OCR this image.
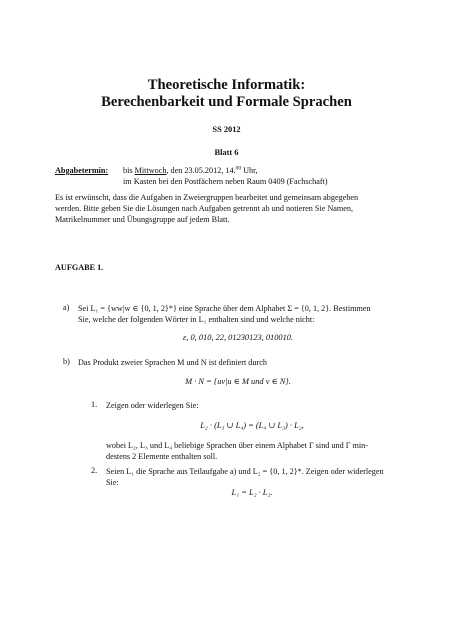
Theoretische Informatik:
Berechenbarkeit und Formale Sprachen
SS 2012
Blatt 6
Abgabetermin: bis Mittwoch, den 23.05.2012, 14.00 Uhr,
im Kasten bei den Postfächern neben Raum 0409 (Fachschaft)
Es ist erwünscht, dass die Aufgaben in Zweiergruppen bearbeitet und gemeinsam abgegeben
werden. Bitte geben Sie die Lösungen nach Aufgaben getrennt ab und notieren Sie Namen,
Matrikelnummer und Übungsgruppe auf jedem Blatt.
AUFGABE 1.
a) Sei L₁ = {ww|w ∈ {0, 1, 2}*} eine Sprache über dem Alphabet Σ = {0, 1, 2}. Bestimmen
Sie, welche der folgenden Wörter in L₁ enthalten sind und welche nicht:
ε, 0, 010, 22, 01230123, 010010.
b) Das Produkt zweier Sprachen M und N ist definiert durch
M · N = {uv|u ∈ M und v ∈ N}.
1. Zeigen oder widerlegen Sie:
L₂ · (L₃ ∪ L₄) = (L₄ ∪ L₃) · L₂,
wobei L₂, L₃ und L₄ beliebige Sprachen über einem Alphabet Γ sind und Γ min-
destens 2 Elemente enthalten soll.
2. Seien L₁ die Sprache aus Teilaufgabe a) und L₂ = {0, 1, 2}*. Zeigen oder widerlegen
Sie:
L₁ = L₂ · L₂.
